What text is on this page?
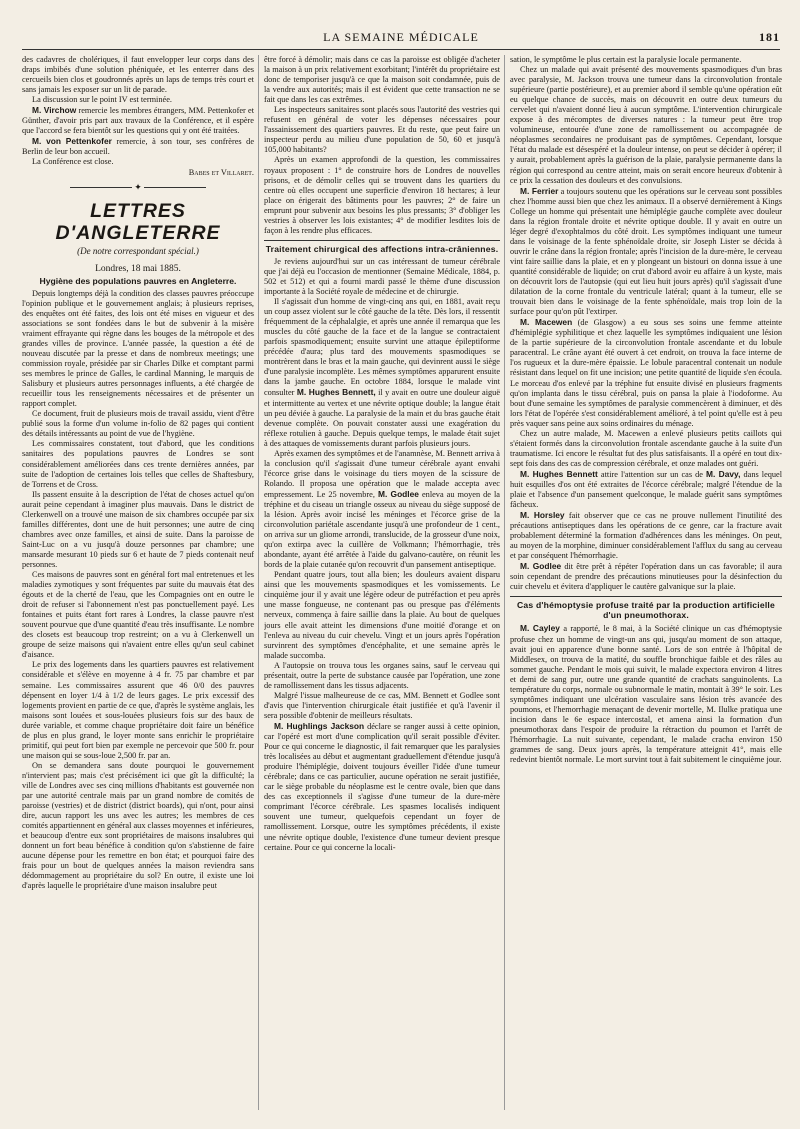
LA SEMAINE MÉDICALE	181

des cadavres de cholériques, il faut envelopper leur corps dans des draps imbibés d'une solution phéniquée, et les enterrer dans des cercueils bien clos et goudronnés après un laps de temps très court et sans jamais les exposer sur un lit de parade.

La discussion sur le point IV est terminée.

M. Virchow remercie les membres étrangers, MM. Pettenkofer et Günther, d'avoir pris part aux travaux de la Conférence, et il espère que l'accord se fera bientôt sur les questions qui y ont été traitées.

M. von Pettenkofer remercie, à son tour, ses confrères de Berlin de leur bon accueil.

La Conférence est close.

Babes et Villaret.

✦
LETTRES D'ANGLETERRE
(De notre correspondant spécial.)
Londres, 18 mai 1885.
Hygiène des populations pauvres en Angleterre.

Depuis longtemps déjà la condition des classes pauvres préoccupe l'opinion publique et le gouvernement anglais; à plusieurs reprises, des enquêtes ont été faites, des lois ont été mises en vigueur et des associations se sont fondées dans le but de subvenir à la misère vraiment effrayante qui règne dans les bouges de la métropole et des grandes villes de province. L'année passée, la question a été de nouveau discutée par la presse et dans de nombreux meetings; une commission royale, présidée par sir Charles Dilke et comptant parmi ses membres le prince de Galles, le cardinal Manning, le marquis de Salisbury et plusieurs autres personnages influents, a été chargée de recueillir tous les renseignements nécessaires et de présenter un rapport complet.

Ce document, fruit de plusieurs mois de travail assidu, vient d'être publié sous la forme d'un volume in-folio de 82 pages qui contient des détails intéressants au point de vue de l'hygiène.

Les commissaires constatent, tout d'abord, que les conditions sanitaires des populations pauvres de Londres se sont considérablement améliorées dans ces trente dernières années, par suite de l'adoption de certaines lois telles que celles de Shaftesbury, de Torrens et de Cross.

Ils passent ensuite à la description de l'état de choses actuel qu'on aurait peine cependant à imaginer plus mauvais. Dans le district de Clerkenwell on a trouvé une maison de six chambres occupée par six familles différentes, dont une de huit personnes; une autre de cinq chambres avec onze familles, et ainsi de suite. Dans la paroisse de Saint-Luc on a vu jusqu'à douze personnes par chambre; une mansarde mesurant 10 pieds sur 6 et haute de 7 pieds contenait neuf personnes.

Ces maisons de pauvres sont en général fort mal entretenues et les maladies zymotiques y sont fréquentes par suite du mauvais état des égouts et de la cherté de l'eau, que les Compagnies ont en outre le droit de refuser si l'abonnement n'est pas ponctuellement payé. Les fontaines et puits étant fort rares à Londres, la classe pauvre n'est souvent pourvue que d'une quantité d'eau très insuffisante. Le nombre des closets est beaucoup trop restreint; on a vu à Clerkenwell un groupe de seize maisons qui n'avaient entre elles qu'un seul cabinet d'aisance.

Le prix des logements dans les quartiers pauvres est relativement considérable et s'élève en moyenne à 4 fr. 75 par chambre et par semaine. Les commissaires assurent que 46 0/0 des pauvres dépensent en loyer 1/4 à 1/2 de leurs gages. Le prix excessif des logements provient en partie de ce que, d'après le système anglais, les maisons sont louées et sous-louées plusieurs fois sur des baux de durée variable, et comme chaque propriétaire doit faire un bénéfice de plus en plus grand, le loyer monte sans enrichir le propriétaire primitif, qui peut fort bien par exemple ne percevoir que 500 fr. pour une maison qui se sous-loue 2,500 fr. par an.

On se demandera sans doute pourquoi le gouvernement n'intervient pas; mais c'est précisément ici que gît la difficulté; la ville de Londres avec ses cinq millions d'habitants est gouvernée non par une autorité centrale mais par un grand nombre de comités de paroisse (vestries) et de district (district boards), qui n'ont, pour ainsi dire, aucun rapport les uns avec les autres; les membres de ces comités appartiennent en général aux classes moyennes et inférieures, et beaucoup d'entre eux sont propriétaires de maisons insalubres qui donnent un fort beau bénéfice à condition qu'on s'abstienne de faire aucune dépense pour les remettre en bon état; et pourquoi faire des frais pour un bout de quelques années la maison reviendra sans dédommagement au propriétaire du sol? En outre, il existe une loi d'après laquelle le propriétaire d'une maison insalubre peut

être forcé à démolir; mais dans ce cas la paroisse est obligée d'acheter la maison à un prix relativement exorbitant; l'intérêt du propriétaire est donc de temporiser jusqu'à ce que la maison soit condamnée, puis de la vendre aux autorités; mais il est évident que cette transaction ne se fait que dans les cas extrêmes.

Les inspecteurs sanitaires sont placés sous l'autorité des vestries qui refusent en général de voter les dépenses nécessaires pour l'assainissement des quartiers pauvres. Et du reste, que peut faire un inspecteur perdu au milieu d'une population de 50, 60 et jusqu'à 105,000 habitants?

Après un examen approfondi de la question, les commissaires royaux proposent : 1° de construire hors de Londres de nouvelles prisons, et de démolir celles qui se trouvent dans les quartiers du centre où elles occupent une superficie d'environ 18 hectares; à leur place on érigerait des bâtiments pour les pauvres; 2° de faire un emprunt pour subvenir aux besoins les plus pressants; 3° d'obliger les vestries à observer les lois existantes; 4° de modifier lesdites lois de façon à les rendre plus efficaces.

Traitement chirurgical des affections intra-crâniennes.

Je reviens aujourd'hui sur un cas intéressant de tumeur cérébrale que j'ai déjà eu l'occasion de mentionner (Semaine Médicale, 1884, p. 502 et 512) et qui a fourni mardi passé le thème d'une discussion importante à la Société royale de médecine et de chirurgie.

Il s'agissait d'un homme de vingt-cinq ans qui, en 1881, avait reçu un coup assez violent sur le côté gauche de la tête. Dès lors, il ressentit fréquemment de la céphalalgie, et après une année il remarqua que les muscles du côté gauche de la face et de la langue se contractaient parfois spasmodiquement; ensuite survint une attaque épileptiforme précédée d'aura; plus tard des mouvements spasmodiques se montrèrent dans le bras et la main gauche, qui devinrent aussi le siège d'une paralysie incomplète. Les mêmes symptômes apparurent ensuite dans la jambe gauche. En octobre 1884, lorsque le malade vint consulter M. Hughes Bennett, il y avait en outre une douleur aiguë et intermittente au vertex et une névrite optique double; la langue était un peu déviée à gauche. La paralysie de la main et du bras gauche était devenue complète. On pouvait constater aussi une exagération du réflexe rotulien à gauche. Depuis quelque temps, le malade était sujet à des attaques de vomissements durant parfois plusieurs jours.

Après examen des symptômes et de l'anamnèse, M. Bennett arriva à la conclusion qu'il s'agissait d'une tumeur cérébrale ayant envahi l'écorce grise dans le voisinage du tiers moyen de la scissure de Rolando. Il proposa une opération que le malade accepta avec empressement. Le 25 novembre, M. Godlee enleva au moyen de la tréphine et du ciseau un triangle osseux au niveau du siège supposé de la lésion. Après avoir incisé les méninges et l'écorce grise de la circonvolution pariétale ascendante jusqu'à une profondeur de 1 cent., on arriva sur un gliome arrondi, translucide, de la grosseur d'une noix, qu'on extirpa avec la cuillère de Volkmann; l'hémorrhagie, très abondante, ayant été arrêtée à l'aide du galvano-cautère, on réunit les bords de la plaie cutanée qu'on recouvrit d'un pansement antiseptique.

Pendant quatre jours, tout alla bien; les douleurs avaient disparu ainsi que les mouvements spasmodiques et les vomissements. Le cinquième jour il y avait une légère odeur de putréfaction et peu après une masse fongueuse, ne contenant pas ou presque pas d'éléments nerveux, commença à faire saillie dans la plaie. Au bout de quelques jours elle avait atteint les dimensions d'une moitié d'orange et on l'enleva au niveau du cuir chevelu. Vingt et un jours après l'opération survinrent des symptômes d'encéphalite, et une semaine après le malade succomba.

A l'autopsie on trouva tous les organes sains, sauf le cerveau qui présentait, outre la perte de substance causée par l'opération, une zone de ramollissement dans les tissus adjacents.

Malgré l'issue malheureuse de ce cas, MM. Bennett et Godlee sont d'avis que l'intervention chirurgicale était justifiée et qu'à l'avenir il sera possible d'obtenir de meilleurs résultats.

M. Hughlings Jackson déclare se ranger aussi à cette opinion, car l'opéré est mort d'une complication qu'il serait possible d'éviter. Pour ce qui concerne le diagnostic, il fait remarquer que les paralysies très localisées au début et augmentant graduellement d'étendue jusqu'à produire l'hémiplégie, doivent toujours éveiller l'idée d'une tumeur cérébrale; dans ce cas particulier, aucune opération ne serait justifiée, car le siège probable du néoplasme est le centre ovale, bien que dans des cas exceptionnels il s'agisse d'une tumeur de la dure-mère comprimant l'écorce cérébrale. Les spasmes localisés indiquent souvent une tumeur, quelquefois cependant un foyer de ramollissement. Lorsque, outre les symptômes précédents, il existe une névrite optique double, l'existence d'une tumeur devient presque certaine. Pour ce qui concerne la locali-

sation, le symptôme le plus certain est la paralysie locale permanente.

Chez un malade qui avait présenté des mouvements spasmodiques d'un bras avec paralysie, M. Jackson trouva une tumeur dans la circonvolution frontale supérieure (partie postérieure), et au premier abord il semble qu'une opération eût eu quelque chance de succès, mais on découvrit en outre deux tumeurs du cervelet qui n'avaient donné lieu à aucun symptôme. L'intervention chirurgicale expose à des mécomptes de diverses natures : la tumeur peut être trop volumineuse, entourée d'une zone de ramollissement ou accompagnée de néoplasmes secondaires ne produisant pas de symptômes. Cependant, lorsque l'état du malade est désespéré et la douleur intense, on peut se décider à opérer; il y aurait, probablement après la guérison de la plaie, paralysie permanente dans la région qui correspond au centre atteint, mais on serait encore heureux d'obtenir à ce prix la cessation des douleurs et des convulsions.

M. Ferrier a toujours soutenu que les opérations sur le cerveau sont possibles chez l'homme aussi bien que chez les animaux. Il a observé dernièrement à Kings College un homme qui présentait une hémiplégie gauche complète avec douleur dans la région frontale droite et névrite optique double. Il y avait en outre un léger degré d'exophtalmos du côté droit. Les symptômes indiquant une tumeur dans le voisinage de la fente sphénoïdale droite, sir Joseph Lister se décida à ouvrir le crâne dans la région frontale; après l'incision de la dure-mère, le cerveau vint faire saillie dans la plaie, et en y plongeant un bistouri on donna issue à une quantité considérable de liquide; on crut d'abord avoir eu affaire à un kyste, mais on découvrit lors de l'autopsie (qui eut lieu huit jours après) qu'il s'agissait d'une dilatation de la corne frontale du ventricule latéral; quant à la tumeur, elle se trouvait bien dans le voisinage de la fente sphénoïdale, mais trop loin de la surface pour qu'on pût l'extirper.

M. Macewen (de Glasgow) a eu sous ses soins une femme atteinte d'hémiplégie syphilitique et chez laquelle les symptômes indiquaient une lésion de la partie supérieure de la circonvolution frontale ascendante et du lobule paracentral. Le crâne ayant été ouvert à cet endroit, on trouva la face interne de l'os rugueux et la dure-mère épaissie. Le lobule paracentral contenait un nodule résistant dans lequel on fit une incision; une petite quantité de liquide s'en écoula. Le morceau d'os enlevé par la tréphine fut ensuite divisé en plusieurs fragments qu'on implanta dans le tissu cérébral, puis on pansa la plaie à l'iodoforme. Au bout d'une semaine les symptômes de paralysie commencèrent à diminuer, et dès lors l'état de l'opérée s'est considérablement amélioré, à tel point qu'elle est à peu près vaquer sans peine aux soins ordinaires du ménage.

Chez un autre malade, M. Macewen a enlevé plusieurs petits caillots qui s'étaient formés dans la circonvolution frontale ascendante gauche à la suite d'un traumatisme. Ici encore le résultat fut des plus satisfaisants. Il a opéré en tout dix-sept fois dans des cas de compression cérébrale, et onze malades ont guéri.

M. Hughes Bennett attire l'attention sur un cas de M. Davy, dans lequel huit esquilles d'os ont été extraites de l'écorce cérébrale; malgré l'étendue de la plaie et l'absence d'un pansement quelconque, le malade guérit sans symptômes fâcheux.

M. Horsley fait observer que ce cas ne prouve nullement l'inutilité des précautions antiseptiques dans les opérations de ce genre, car la fracture avait probablement déterminé la formation d'adhérences dans les méninges. On peut, au moyen de la morphine, diminuer considérablement l'afflux du sang au cerveau et par conséquent l'hémorrhagie.

M. Godlee dit être prêt à répéter l'opération dans un cas favorable; il aura soin cependant de prendre des précautions minutieuses pour la désinfection du cuir chevelu et évitera d'appliquer le cautère galvanique sur la plaie.

Cas d'hémoptysie profuse traité par la production artificielle d'un pneumothorax.

M. Cayley a rapporté, le 8 mai, à la Société clinique un cas d'hémoptysie profuse chez un homme de vingt-un ans qui, jusqu'au moment de son attaque, avait joui en apparence d'une bonne santé. Lors de son entrée à l'hôpital de Middlesex, on trouva de la matité, du souffle bronchique faible et des râles au sommet gauche. Pendant le mois qui suivit, le malade expectora environ 4 litres et demi de sang pur, outre une grande quantité de crachats sanguinolents. La température du corps, normale ou subnormale le matin, montait à 39° le soir. Les symptômes indiquant une ulcération vasculaire sans lésion très avancée des poumons, et l'hemorrhagie menaçant de devenir mortelle, M. Ilulke pratiqua une incision dans le 6e espace intercostal, et amena ainsi la formation d'un pneumothorax dans l'espoir de produire la rétraction du poumon et l'arrêt de l'hémorrhagie. La nuit suivante, cependant, le malade cracha environ 150 grammes de sang. Deux jours après, la température atteignit 41°, mais elle redevint bientôt normale. Le mort survint tout à fait subitement le cinquième jour.
